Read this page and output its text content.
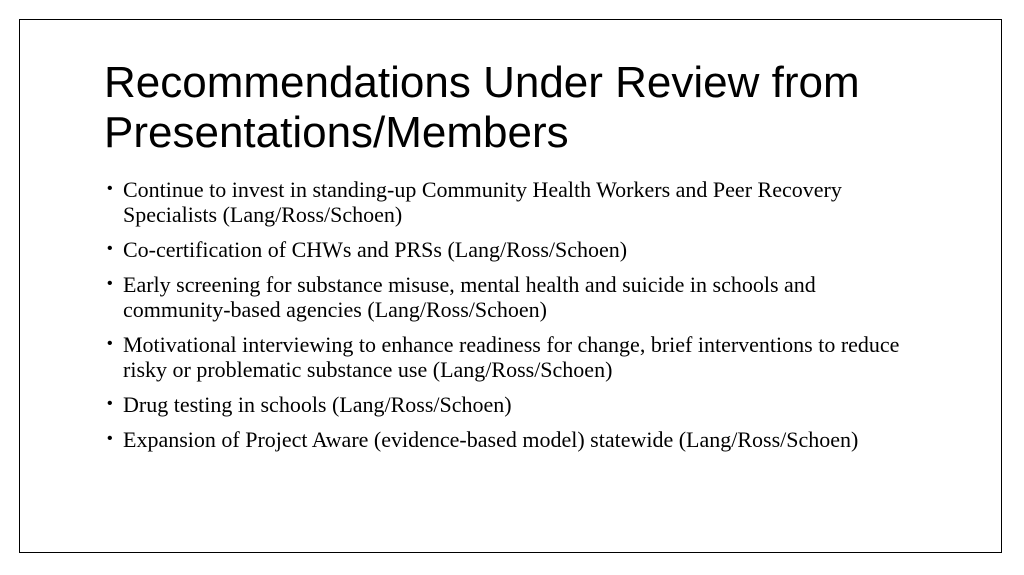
Recommendations Under Review from Presentations/Members
• Continue to invest in standing-up Community Health Workers and Peer Recovery Specialists (Lang/Ross/Schoen)
• Co-certification of CHWs and PRSs (Lang/Ross/Schoen)
• Early screening for substance misuse, mental health and suicide in schools and community-based agencies (Lang/Ross/Schoen)
• Motivational interviewing to enhance readiness for change, brief interventions to reduce risky or problematic substance use (Lang/Ross/Schoen)
• Drug testing in schools (Lang/Ross/Schoen)
• Expansion of Project Aware (evidence-based model) statewide (Lang/Ross/Schoen)
